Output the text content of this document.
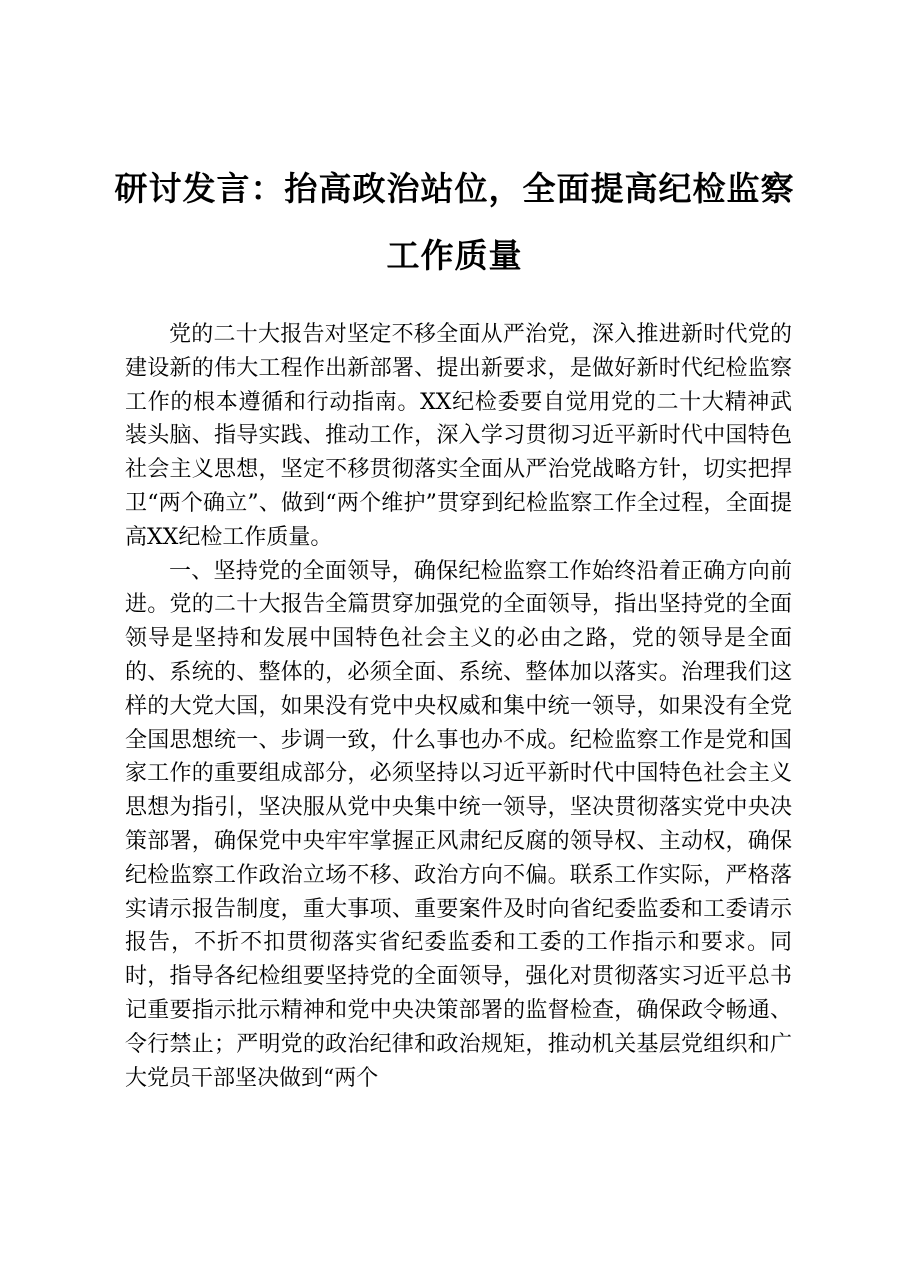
研讨发言：抬高政治站位，全面提高纪检监察
工作质量

党的二十大报告对坚定不移全面从严治党，深入推进新时代党的建设新的伟大工程作出新部署、提出新要求，是做好新时代纪检监察工作的根本遵循和行动指南。XX纪检委要自觉用党的二十大精神武装头脑、指导实践、推动工作，深入学习贯彻习近平新时代中国特色社会主义思想，坚定不移贯彻落实全面从严治党战略方针，切实把捍卫“两个确立”、做到“两个维护”贯穿到纪检监察工作全过程，全面提高XX纪检工作质量。

一、坚持党的全面领导，确保纪检监察工作始终沿着正确方向前进。党的二十大报告全篇贯穿加强党的全面领导，指出坚持党的全面领导是坚持和发展中国特色社会主义的必由之路，党的领导是全面的、系统的、整体的，必须全面、系统、整体加以落实。治理我们这样的大党大国，如果没有党中央权威和集中统一领导，如果没有全党全国思想统一、步调一致，什么事也办不成。纪检监察工作是党和国家工作的重要组成部分，必须坚持以习近平新时代中国特色社会主义思想为指引，坚决服从党中央集中统一领导，坚决贯彻落实党中央决策部署，确保党中央牢牢掌握正风肃纪反腐的领导权、主动权，确保纪检监察工作政治立场不移、政治方向不偏。联系工作实际，严格落实请示报告制度，重大事项、重要案件及时向省纪委监委和工委请示报告，不折不扣贯彻落实省纪委监委和工委的工作指示和要求。同时，指导各纪检组要坚持党的全面领导，强化对贯彻落实习近平总书记重要指示批示精神和党中央决策部署的监督检查，确保政令畅通、令行禁止；严明党的政治纪律和政治规矩，推动机关基层党组织和广大党员干部坚决做到“两个
